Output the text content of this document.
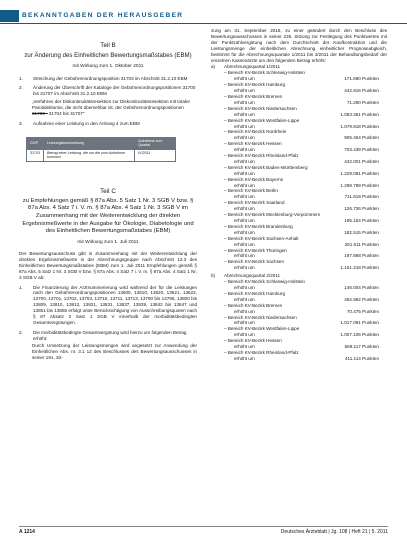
BEKANNTGABEN DER HERAUSGEBER
Teil B
zur Änderung des Einheitlichen Bewertungsmaßstabes (EBM)
mit Wirkung zum 1. Oktober 2011
1.	Streichung der Gebührenordnungsposition 31703 im Abschnitt 31.2.10 EBM
2.	Änderung der Überschrift der Kataloge der Gebührenordnungspositionen 31700 bis 31707 im Abschnitt 31.2.10 EBM
„Verfahren der Diskontinuitätsresektion zur Diskontinuitätsresektion mit totaler Parotidektomie, die nicht übersehbar ist, der Gebührenordnungspositionen 31700 - 31704 bis 31707“
3.	Aufnahme einer Leistung in den Anhang 4 zum EBM
GOP	Leistungsbeschreibung	Aufnahme zum Quartal
31703	Betrag einer Leistung, die nur die zum Aufnahme kommen	IV/2011
Teil C
zu Empfehlungen gemäß § 87a Abs. 5 Satz 1 Nr. 3 SGB V bzw. § 87a Abs. 4 Satz 7 i. V. m. § 87a Abs. 4 Satz 1 Nr. 3 SGB V im Zusammenhang mit der Weiterentwicklung der direkten Ergebnismeßwerte in der Ausgabe für Ökologie, Diabetologie und des Einheitlichen Bewertungsmaßstabes (EBM)
mit Wirkung zum 1. Juli 2011
Der Bewertungsausschuss gibt in Zusammenhang mit der Weiterentwicklung der direkten Ergebnismeßwerte in der Abrechnungsgruppe nach Abschnitt 13.3 des Einheitlichen Bewertungsmaßstabes (EBM) zum 1. Juli 2011 Empfehlungen gemäß § 87a Abs. 5 Satz 1 Nr. 3 SGB V bzw. § 87a Abs. 4 Satz 7 i. V. m. § 87a Abs. 4 Satz 1 Nr. 3 SGB V ab:
1.	Die Finanzierung der Arztnummerierung wird während der für die Leistungen nach den Gebührenordnungspositionen 13600, 13610, 13620, 13621, 13622, 13700, 13701, 13702, 13703, 13710, 13711, 13713, 13790 bis 13796, 13800 bis 13809, 13810, 13812, 13821, 13831, 13837, 13839, 13842 bis 13847 und 13851 bis 13855 erfolgt unter Berücksichtigung von Ausschreibungsquoten nach § 87 Absatz 2 Satz 1 SGB V innerhalb der morbiditätsbedingten Gesamtvergütungen.
2.	Die morbiditätsbedingte Gesamtvergütung wird hierzu um folgenden Betrag erhöht:
Durch Umsetzung der Leistungsmengen wird angesetzt zur Anwendung der Einheitlichen Abs. nr. 3.1 12 des Beschlusses des Bewertungsausschusses in seiner 191. Sit-
zung am 31. September 2016, zu einer geändert durch den Beschluss des Bewertungsausschusses in seiner 226. Sitzung zur Festlegung des Punktwertes mit der Punktzahlvergütung nach dem Durchschnitt der Kaufkontraktion und die Leistungsmenge der einheitlichen Abrechnung einheitlicher Prognoseabgleich, bestimmt für die Abrechnungsquartale 1/2011 bis 3/2011 der Behandlungsbedarf der einzelnen Kassenärzte um den folgenden Betrag erhöht:
a)	Abrechnungsquartal 1/2011
– Bereich KV-Bezirk Schleswig-Holstein
erhöht um	171.690 Punkten
– Bereich KV-Bezirk Hamburg
erhöht um	442.916 Punkten
– Bereich KV-Bezirk Bremen
erhöht um	71.290 Punkten
– Bereich KV-Bezirk Niedersachsen
erhöht um	1.083.361 Punkten
– Bereich KV-Bezirk Westfalen-Lippe
erhöht um	1.079.818 Punkten
– Bereich KV-Bezirk Nordrhein
erhöht um	905.454 Punkten
– Bereich KV-Bezirk Hessen
erhöht um	703.439 Punkten
– Bereich KV-Bezirk Rheinland-Pfalz
erhöht um	442.001 Punkten
– Bereich KV-Bezirk Baden-Württemberg
erhöht um	1.229.081 Punkten
– Bereich KV-Bezirk Bayerns
erhöht um	1.298.799 Punkten
– Bereich KV-Bezirk Berlin
erhöht um	711.619 Punkten
– Bereich KV-Bezirk Saarland
erhöht um	126.736 Punkten
– Bereich KV-Bezirk Mecklenburg-Vorpommern
erhöht um	195.154 Punkten
– Bereich KV-Bezirk Brandenburg
erhöht um	182.515 Punkten
– Bereich KV-Bezirk Sachsen-Anhalt
erhöht um	261.611 Punkten
– Bereich KV-Bezirk Thüringen
erhöht um	197.868 Punkten
– Bereich KV-Bezirk Sachsen
erhöht um	1.151.218 Punkten
b)	Abrechnungsquartal 2/2011
– Bereich KV-Bezirk Schleswig-Holstein
erhöht um	146.004 Punkten
– Bereich KV-Bezirk Hamburg
erhöht um	492.982 Punkten
– Bereich KV-Bezirk Bremen
erhöht um	70.475 Punkten
– Bereich KV-Bezirk Niedersachsen
erhöht um	1.017.091 Punkten
– Bereich KV-Bezirk Westfalen-Lippe
erhöht um	1.007.105 Punkten
– Bereich KV-Bezirk Hessen
erhöht um	669.117 Punkten
– Bereich KV-Bezirk Rheinland-Pfalz
erhöht um	411.114 Punkten
A 1214	Deutsches Ärzteblatt | Jg. 108 | Heft 21 | 5. 2011
